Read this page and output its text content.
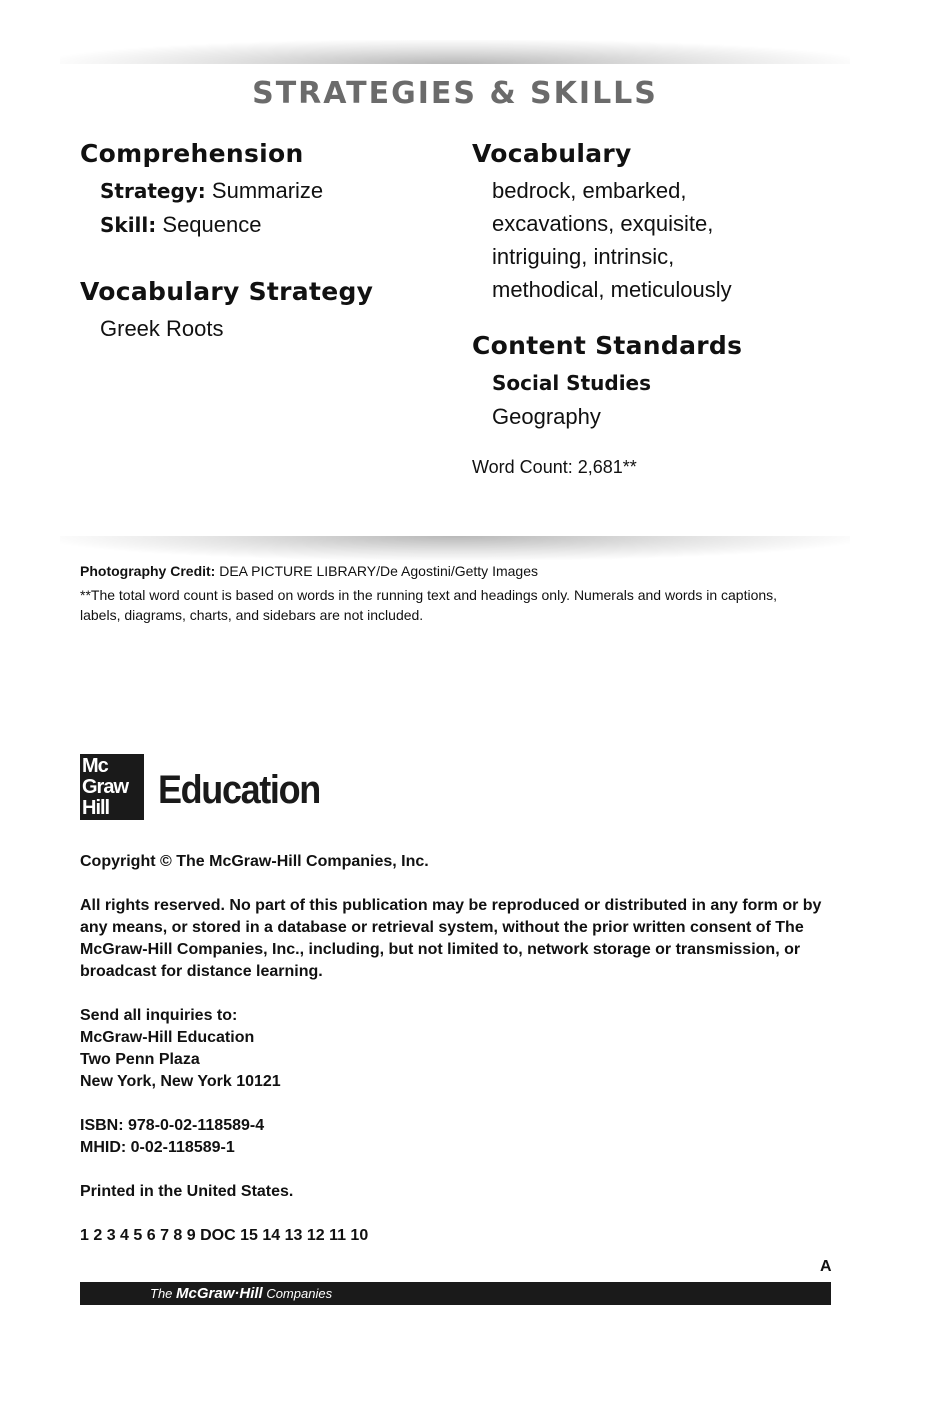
STRATEGIES & SKILLS
Comprehension
Strategy: Summarize
Skill: Sequence
Vocabulary Strategy
Greek Roots
Vocabulary
bedrock, embarked,
excavations, exquisite,
intriguing, intrinsic,
methodical, meticulously
Content Standards
Social Studies
Geography
Word Count: 2,681**

Photography Credit: DEA PICTURE LIBRARY/De Agostini/Getty Images

**The total word count is based on words in the running text and headings only. Numerals and words in captions, labels, diagrams, charts, and sidebars are not included.

Mc
Graw
Hill	Education

Copyright © The McGraw-Hill Companies, Inc.

All rights reserved. No part of this publication may be reproduced or distributed in any form or by any means, or stored in a database or retrieval system, without the prior written consent of The McGraw-Hill Companies, Inc., including, but not limited to, network storage or transmission, or broadcast for distance learning.

Send all inquiries to:
McGraw-Hill Education
Two Penn Plaza
New York, New York 10121

ISBN: 978-0-02-118589-4
MHID: 0-02-118589-1

Printed in the United States.

1 2 3 4 5 6 7 8 9 DOC 15 14 13 12 11 10

A
The McGraw·Hill Companies
